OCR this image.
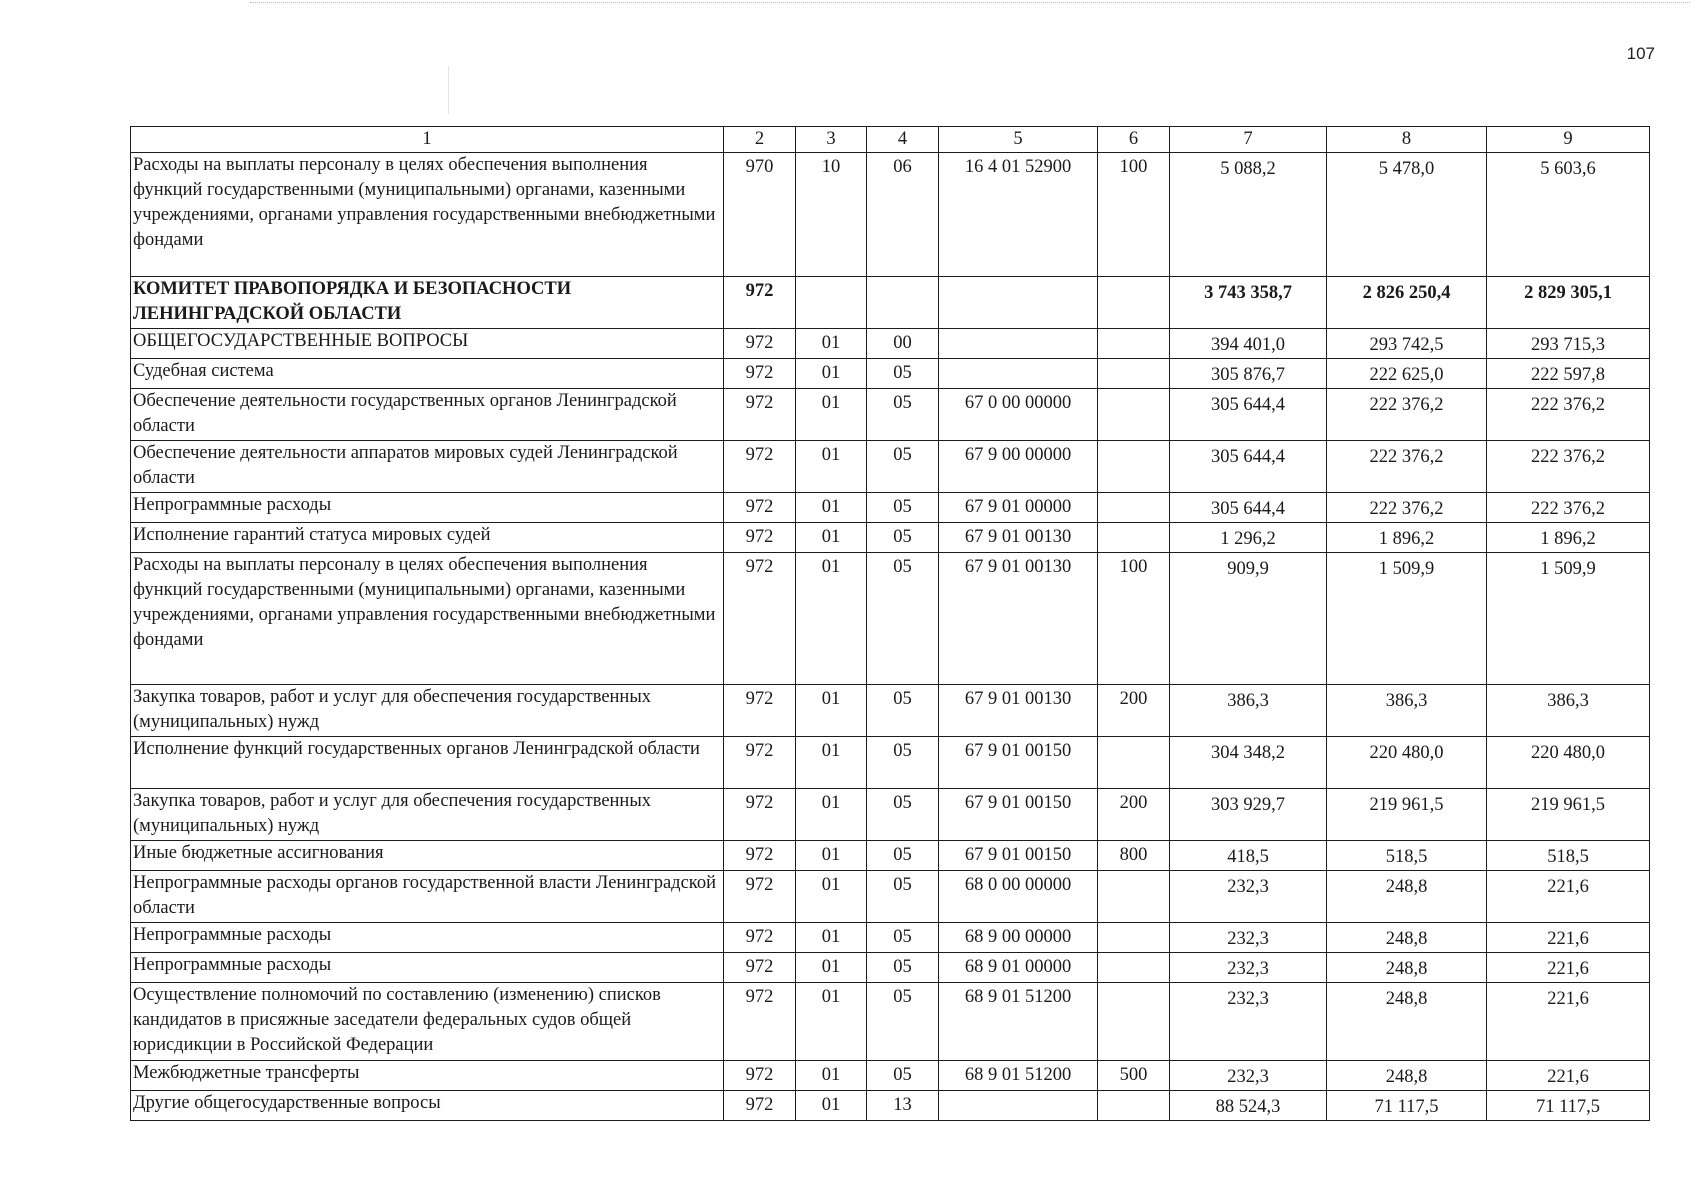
107
1	2	3	4	5	6	7	8	9
Расходы на выплаты персоналу в целях обеспечения выполнения функций государственными (муниципальными) органами, казенными учреждениями, органами управления государственными внебюджетными фондами	970	10	06	16 4 01 52900	100	5 088,2	5 478,0	5 603,6
КОМИТЕТ ПРАВОПОРЯДКА И БЕЗОПАСНОСТИ ЛЕНИНГРАДСКОЙ ОБЛАСТИ	972					3 743 358,7	2 826 250,4	2 829 305,1
ОБЩЕГОСУДАРСТВЕННЫЕ ВОПРОСЫ	972	01	00			394 401,0	293 742,5	293 715,3
Судебная система	972	01	05			305 876,7	222 625,0	222 597,8
Обеспечение деятельности государственных органов Ленинградской области	972	01	05	67 0 00 00000		305 644,4	222 376,2	222 376,2
Обеспечение деятельности аппаратов мировых судей Ленинградской области	972	01	05	67 9 00 00000		305 644,4	222 376,2	222 376,2
Непрограммные расходы	972	01	05	67 9 01 00000		305 644,4	222 376,2	222 376,2
Исполнение гарантий статуса мировых судей	972	01	05	67 9 01 00130		1 296,2	1 896,2	1 896,2
Расходы на выплаты персоналу в целях обеспечения выполнения функций государственными (муниципальными) органами, казенными учреждениями, органами управления государственными внебюджетными фондами	972	01	05	67 9 01 00130	100	909,9	1 509,9	1 509,9
Закупка товаров, работ и услуг для обеспечения государственных (муниципальных) нужд	972	01	05	67 9 01 00130	200	386,3	386,3	386,3
Исполнение функций государственных органов Ленинградской области	972	01	05	67 9 01 00150		304 348,2	220 480,0	220 480,0
Закупка товаров, работ и услуг для обеспечения государственных (муниципальных) нужд	972	01	05	67 9 01 00150	200	303 929,7	219 961,5	219 961,5
Иные бюджетные ассигнования	972	01	05	67 9 01 00150	800	418,5	518,5	518,5
Непрограммные расходы органов государственной власти Ленинградской области	972	01	05	68 0 00 00000		232,3	248,8	221,6
Непрограммные расходы	972	01	05	68 9 00 00000		232,3	248,8	221,6
Непрограммные расходы	972	01	05	68 9 01 00000		232,3	248,8	221,6
Осуществление полномочий по составлению (изменению) списков кандидатов в присяжные заседатели федеральных судов общей юрисдикции в Российской Федерации	972	01	05	68 9 01 51200		232,3	248,8	221,6
Межбюджетные трансферты	972	01	05	68 9 01 51200	500	232,3	248,8	221,6
Другие общегосударственные вопросы	972	01	13			88 524,3	71 117,5	71 117,5
